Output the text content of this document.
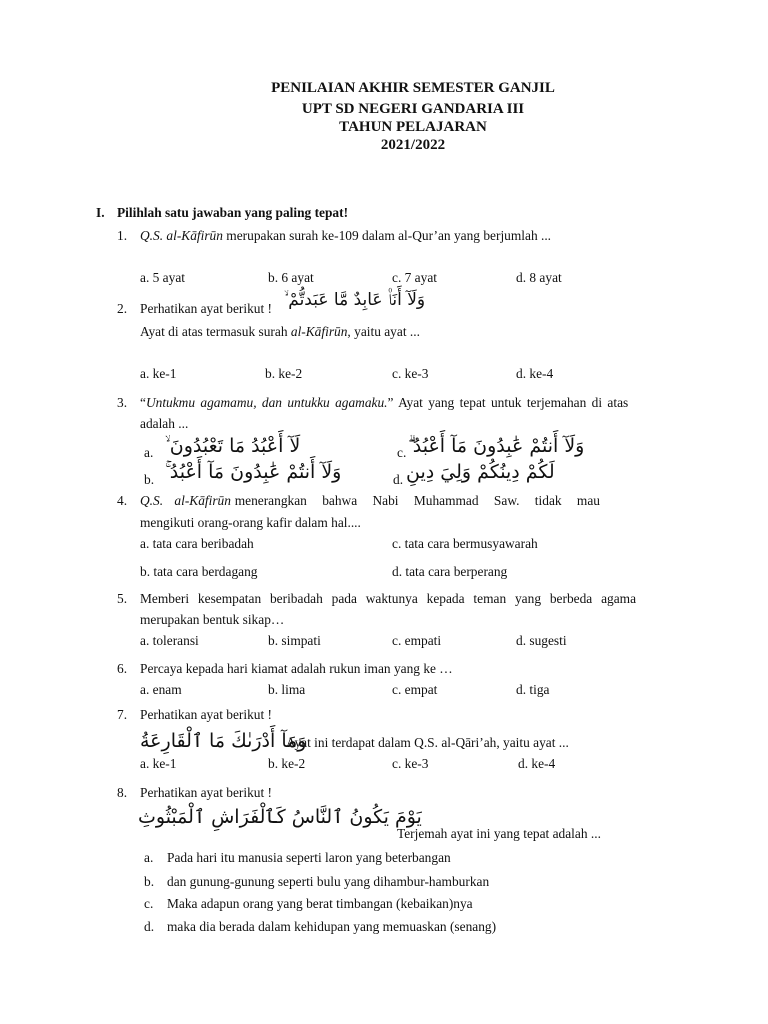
PENILAIAN AKHIR SEMESTER GANJIL
UPT SD NEGERI GANDARIA III
TAHUN PELAJARAN
2021/2022
I. Pilihlah satu jawaban yang paling tepat!
1. Q.S. al-Kāfirūn merupakan surah ke-109 dalam al-Qur’an yang berjumlah ...
a. 5 ayat	b. 6 ayat	c. 7 ayat	d. 8 ayat
2. Perhatikan ayat berikut ! وَلَآ أَنَا۠ عَابِدٌ مَّا عَبَدتُّمْ ۙ
Ayat di atas termasuk surah al-Kāfirūn, yaitu ayat ...
a. ke-1	b. ke-2	c. ke-3	d. ke-4
3. “Untukmu agamamu, dan untukku agamaku.” Ayat yang tepat untuk terjemahan di atas
adalah ...
a. لَآ أَعْبُدُ مَا تَعْبُدُونَ ۙ	c. وَلَآ أَنتُمْ عَٰبِدُونَ مَآ أَعْبُدُ ۗ
b. وَلَآ أَنتُمْ عَٰبِدُونَ مَآ أَعْبُدُ ۚ	d. لَكُمْ دِينُكُمْ وَلِيَ دِينِ
4. Q.S. al-Kāfirūn menerangkan bahwa Nabi Muhammad Saw. tidak mau
mengikuti orang-orang kafir dalam hal....
a. tata cara beribadah	c. tata cara bermusyawarah
b. tata cara berdagang	d. tata cara berperang
5. Memberi kesempatan beribadah pada waktunya kepada teman yang berbeda agama
merupakan bentuk sikap…
a. toleransi	b. simpati	c. empati	d. sugesti
6. Percaya kepada hari kiamat adalah rukun iman yang ke …
a. enam	b. lima	c. empat	d. tiga
7. Perhatikan ayat berikut !
وَمَآ أَدْرَىٰكَ مَا ٱلْقَارِعَةُ
Ayat ini terdapat dalam Q.S. al-Qāri’ah, yaitu ayat ...
a. ke-1	b. ke-2	c. ke-3	d. ke-4
8. Perhatikan ayat berikut !
يَوْمَ يَكُونُ ٱلنَّاسُ كَٱلْفَرَاشِ ٱلْمَبْثُوثِ
Terjemah ayat ini yang tepat adalah ...
a. Pada hari itu manusia seperti laron yang beterbangan
b. dan gunung-gunung seperti bulu yang dihambur-hamburkan
c. Maka adapun orang yang berat timbangan (kebaikan)nya
d. maka dia berada dalam kehidupan yang memuaskan (senang)
